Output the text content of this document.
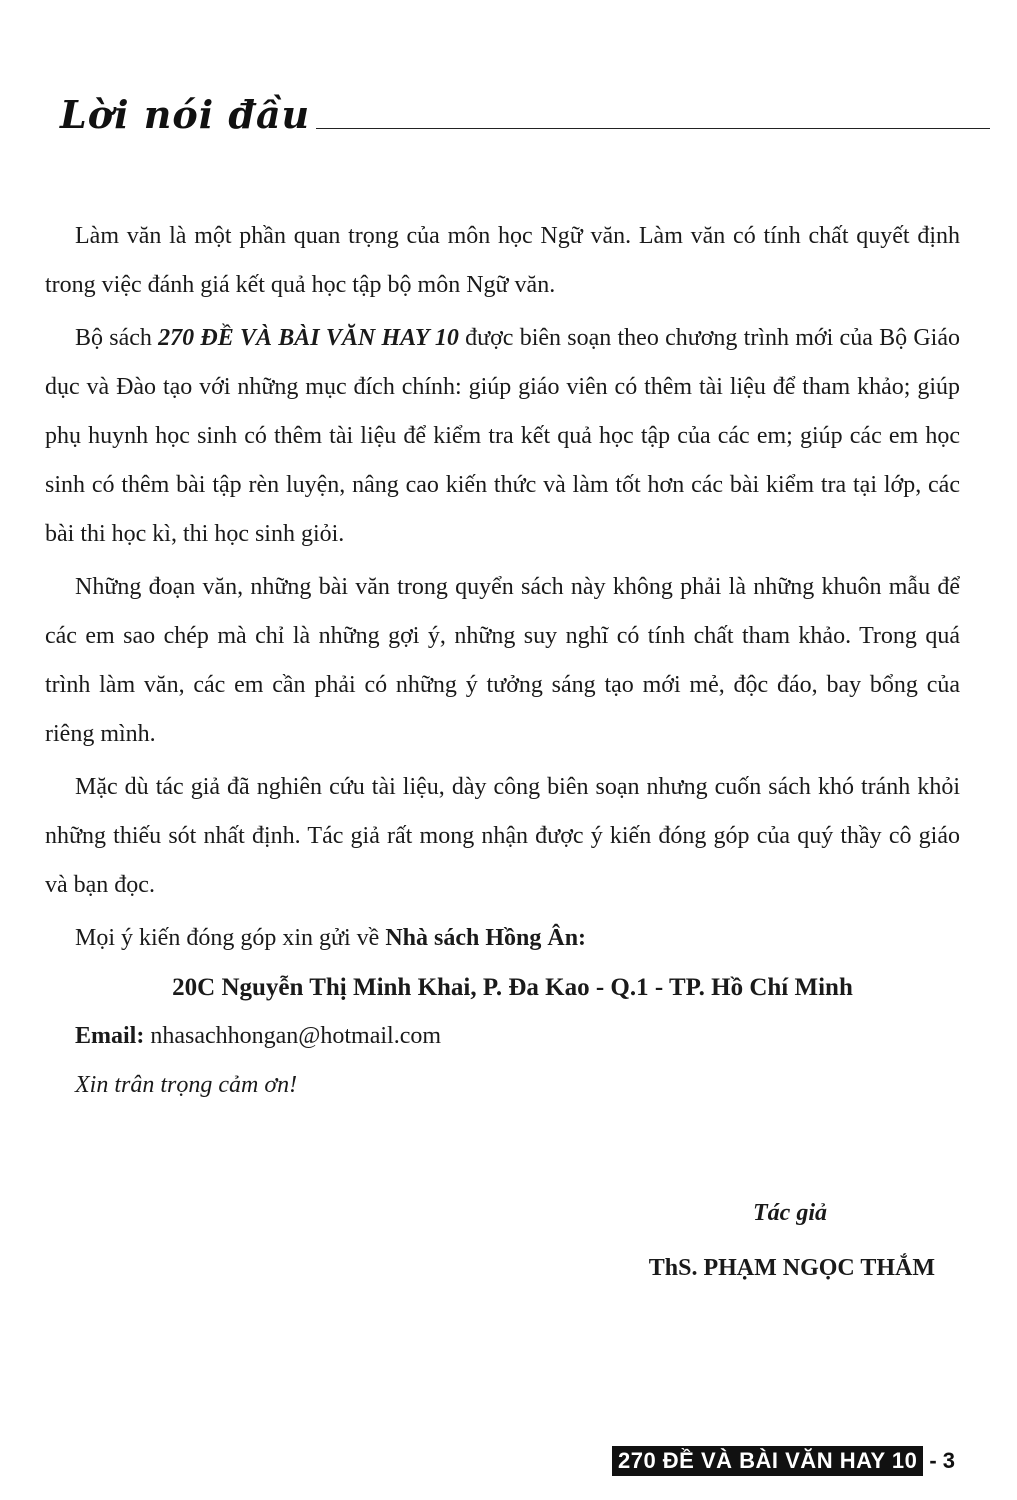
Lời nói đầu

Làm văn là một phần quan trọng của môn học Ngữ văn. Làm văn có tính chất quyết định trong việc đánh giá kết quả học tập bộ môn Ngữ văn.

Bộ sách 270 ĐỀ VÀ BÀI VĂN HAY 10 được biên soạn theo chương trình mới của Bộ Giáo dục và Đào tạo với những mục đích chính: giúp giáo viên có thêm tài liệu để tham khảo; giúp phụ huynh học sinh có thêm tài liệu để kiểm tra kết quả học tập của các em; giúp các em học sinh có thêm bài tập rèn luyện, nâng cao kiến thức và làm tốt hơn các bài kiểm tra tại lớp, các bài thi học kì, thi học sinh giỏi.

Những đoạn văn, những bài văn trong quyển sách này không phải là những khuôn mẫu để các em sao chép mà chỉ là những gợi ý, những suy nghĩ có tính chất tham khảo. Trong quá trình làm văn, các em cần phải có những ý tưởng sáng tạo mới mẻ, độc đáo, bay bổng của riêng mình.

Mặc dù tác giả đã nghiên cứu tài liệu, dày công biên soạn nhưng cuốn sách khó tránh khỏi những thiếu sót nhất định. Tác giả rất mong nhận được ý kiến đóng góp của quý thầy cô giáo và bạn đọc.

Mọi ý kiến đóng góp xin gửi về Nhà sách Hồng Ân:

20C Nguyễn Thị Minh Khai, P. Đa Kao - Q.1 - TP. Hồ Chí Minh

Email: nhasachhongan@hotmail.com

Xin trân trọng cảm ơn!

Tác giả
ThS. PHẠM NGỌC THẮM
270 ĐỀ VÀ BÀI VĂN HAY 10 - 3
